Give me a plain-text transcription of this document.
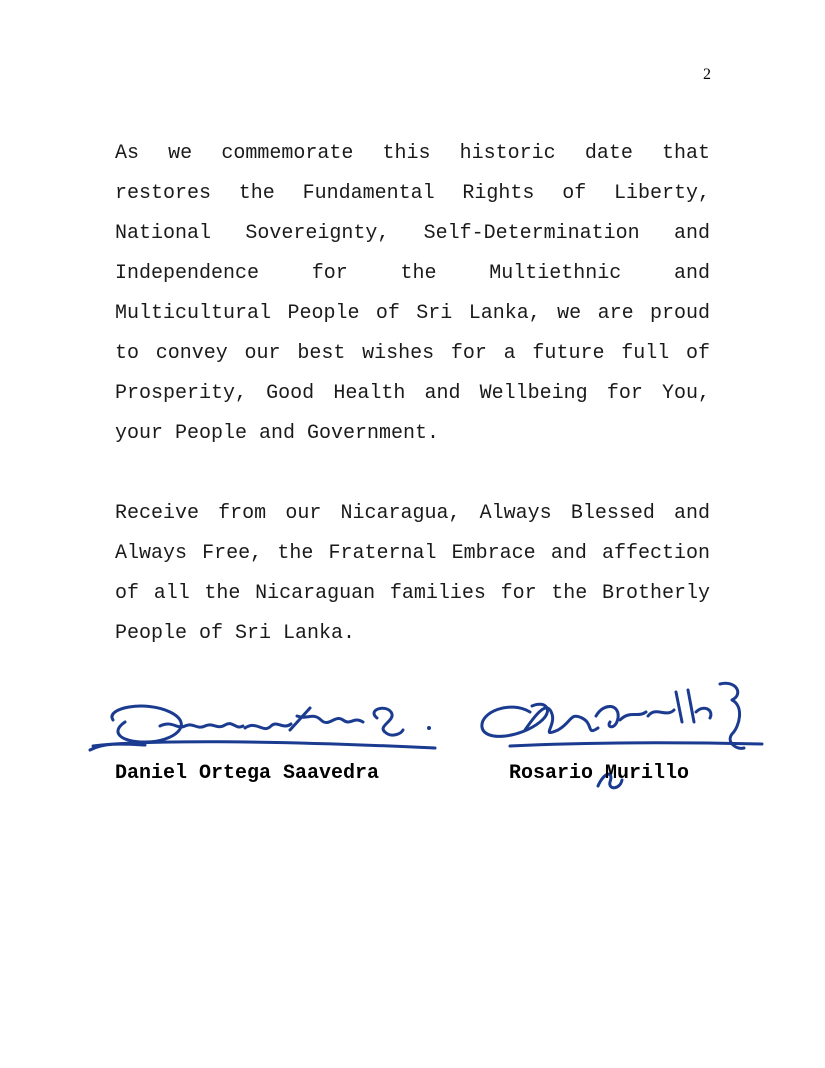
2

As we commemorate this historic date that restores the Fundamental Rights of Liberty, National Sovereignty, Self-Determination and Independence for the Multiethnic and Multicultural People of Sri Lanka, we are proud to convey our best wishes for a future full of Prosperity, Good Health and Wellbeing for You, your People and Government.

Receive from our Nicaragua, Always Blessed and Always Free, the Fraternal Embrace and affection of all the Nicaraguan families for the Brotherly People of Sri Lanka.

Daniel Ortega Saavedra	Rosario Murillo
